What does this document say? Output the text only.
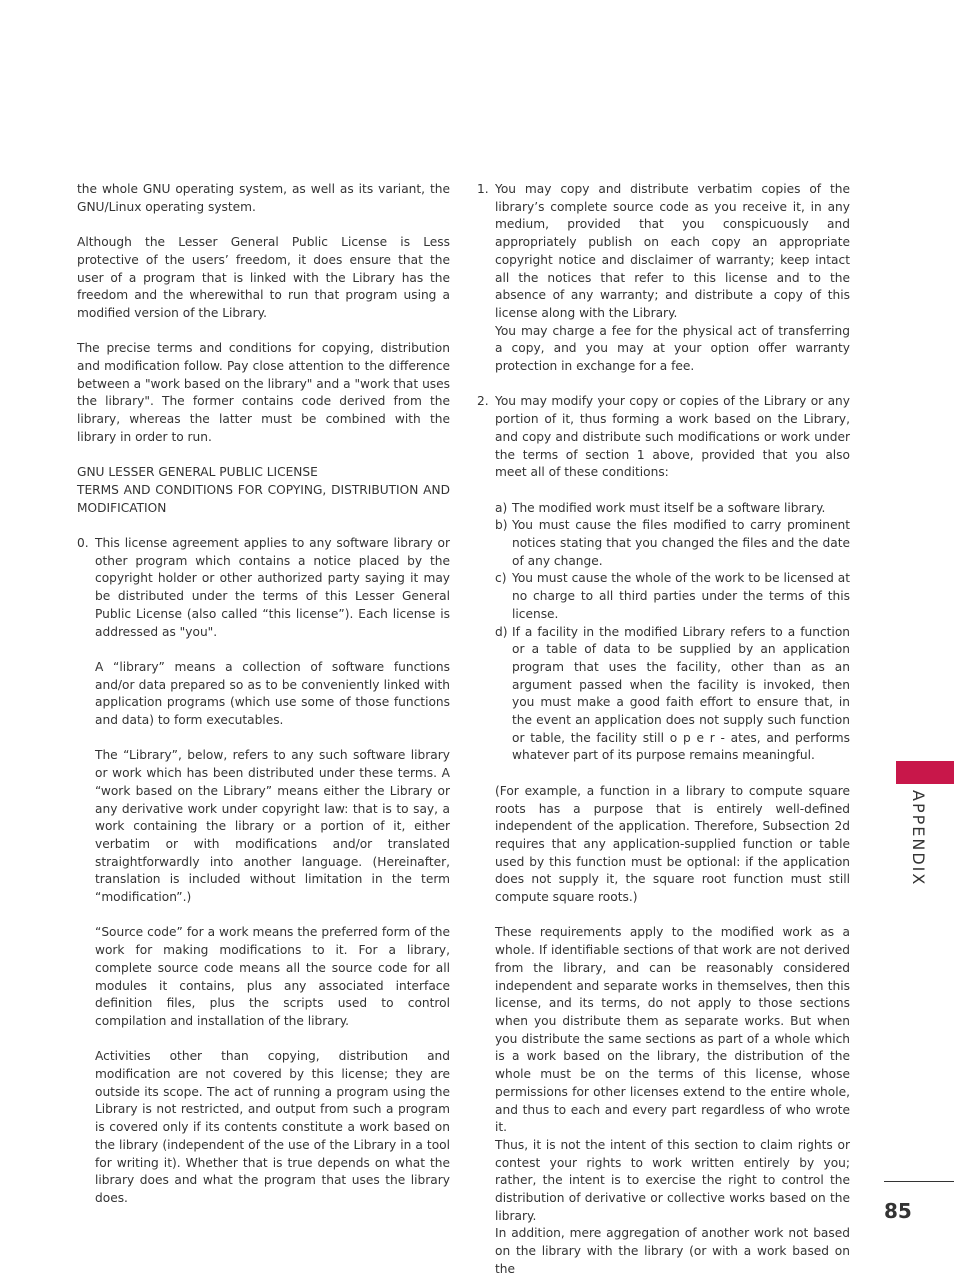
the whole GNU operating system, as well as its variant, the GNU/Linux operating system.

Although the Lesser General Public License is Less protective of the users’ freedom, it does ensure that the user of a program that is linked with the Library has the freedom and the wherewithal to run that program using a modified version of the Library.

The precise terms and conditions for copying, distribution and modification follow. Pay close attention to the difference between a "work based on the library" and a "work that uses the library". The former contains code derived from the library, whereas the latter must be combined with the library in order to run.

GNU LESSER GENERAL PUBLIC LICENSE

TERMS AND CONDITIONS FOR COPYING, DISTRIBUTION AND MODIFICATION

0. This license agreement applies to any software library or other program which contains a notice placed by the copyright holder or other authorized party saying it may be distributed under the terms of this Lesser General Public License (also called “this license”). Each license is addressed as "you".

A “library” means a collection of software functions and/or data prepared so as to be conveniently linked with application programs (which use some of those functions and data) to form executables.

The “Library”, below, refers to any such software library or work which has been distributed under these terms. A “work based on the Library” means either the Library or any derivative work under copyright law: that is to say, a work containing the library or a portion of it, either verbatim or with modifications and/or translated straightforwardly into another language. (Hereinafter, translation is included without limitation in the term “modification”.)

“Source code” for a work means the preferred form of the work for making modifications to it. For a library, complete source code means all the source code for all modules it contains, plus any associated interface definition files, plus the scripts used to control compilation and installation of the library.

Activities other than copying, distribution and modification are not covered by this license; they are outside its scope. The act of running a program using the Library is not restricted, and output from such a program is covered only if its contents constitute a work based on the library (independent of the use of the Library in a tool for writing it). Whether that is true depends on what the library does and what the program that uses the library does.

1. You may copy and distribute verbatim copies of the library’s complete source code as you receive it, in any medium, provided that you conspicuously and appropriately publish on each copy an appropriate copyright notice and disclaimer of warranty; keep intact all the notices that refer to this license and to the absence of any warranty; and distribute a copy of this license along with the Library.

You may charge a fee for the physical act of transferring a copy, and you may at your option offer warranty protection in exchange for a fee.

2. You may modify your copy or copies of the Library or any portion of it, thus forming a work based on the Library, and copy and distribute such modifications or work under the terms of section 1 above, provided that you also meet all of these conditions:

a) The modified work must itself be a software library.

b) You must cause the files modified to carry prominent notices stating that you changed the files and the date of any change.

c) You must cause the whole of the work to be licensed at no charge to all third parties under the terms of this license.

d) If a facility in the modified Library refers to a function or a table of data to be supplied by an application program that uses the facility, other than as an argument passed when the facility is invoked, then you must make a good faith effort to ensure that, in the event an application does not supply such function or table, the facility still o p e r - ates, and performs whatever part of its purpose remains meaningful.

(For example, a function in a library to compute square roots has a purpose that is entirely well-defined independent of the application. Therefore, Subsection 2d requires that any application-supplied function or table used by this function must be optional: if the application does not supply it, the square root function must still compute square roots.)

These requirements apply to the modified work as a whole. If identifiable sections of that work are not derived from the library, and can be reasonably considered independent and separate works in themselves, then this license, and its terms, do not apply to those sections when you distribute them as separate works. But when you distribute the same sections as part of a whole which is a work based on the library, the distribution of the whole must be on the terms of this license, whose permissions for other licenses extend to the entire whole, and thus to each and every part regardless of who wrote it.

Thus, it is not the intent of this section to claim rights or contest your rights to work written entirely by you; rather, the intent is to exercise the right to control the distribution of derivative or collective works based on the library.

In addition, mere aggregation of another work not based on the library with the library (or with a work based on the

APPENDIX
85
